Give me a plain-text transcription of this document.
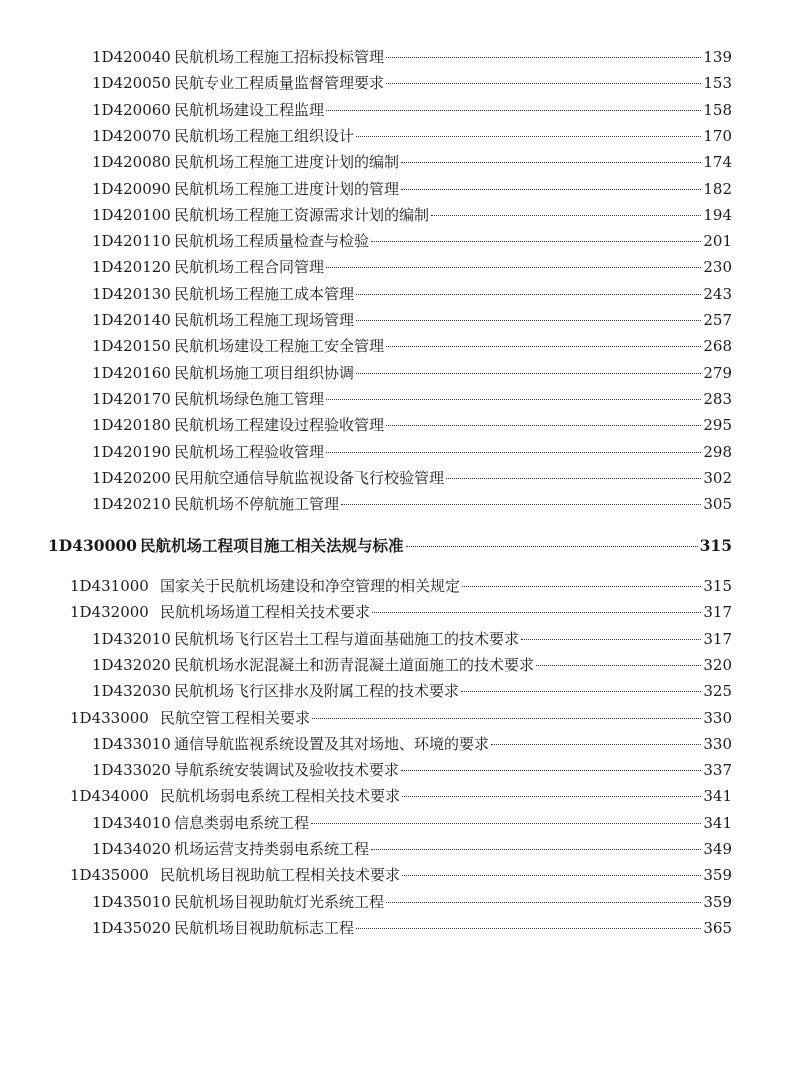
1D420040 民航机场工程施工招标投标管理	139
1D420050 民航专业工程质量监督管理要求	153
1D420060 民航机场建设工程监理	158
1D420070 民航机场工程施工组织设计	170
1D420080 民航机场工程施工进度计划的编制	174
1D420090 民航机场工程施工进度计划的管理	182
1D420100 民航机场工程施工资源需求计划的编制	194
1D420110 民航机场工程质量检查与检验	201
1D420120 民航机场工程合同管理	230
1D420130 民航机场工程施工成本管理	243
1D420140 民航机场工程施工现场管理	257
1D420150 民航机场建设工程施工安全管理	268
1D420160 民航机场施工项目组织协调	279
1D420170 民航机场绿色施工管理	283
1D420180 民航机场工程建设过程验收管理	295
1D420190 民航机场工程验收管理	298
1D420200 民用航空通信导航监视设备飞行校验管理	302
1D420210 民航机场不停航施工管理	305
1D430000 民航机场工程项目施工相关法规与标准	315
1D431000 国家关于民航机场建设和净空管理的相关规定	315
1D432000 民航机场场道工程相关技术要求	317
1D432010 民航机场飞行区岩土工程与道面基础施工的技术要求	317
1D432020 民航机场水泥混凝土和沥青混凝土道面施工的技术要求	320
1D432030 民航机场飞行区排水及附属工程的技术要求	325
1D433000 民航空管工程相关要求	330
1D433010 通信导航监视系统设置及其对场地、环境的要求	330
1D433020 导航系统安装调试及验收技术要求	337
1D434000 民航机场弱电系统工程相关技术要求	341
1D434010 信息类弱电系统工程	341
1D434020 机场运营支持类弱电系统工程	349
1D435000 民航机场目视助航工程相关技术要求	359
1D435010 民航机场目视助航灯光系统工程	359
1D435020 民航机场目视助航标志工程	365
